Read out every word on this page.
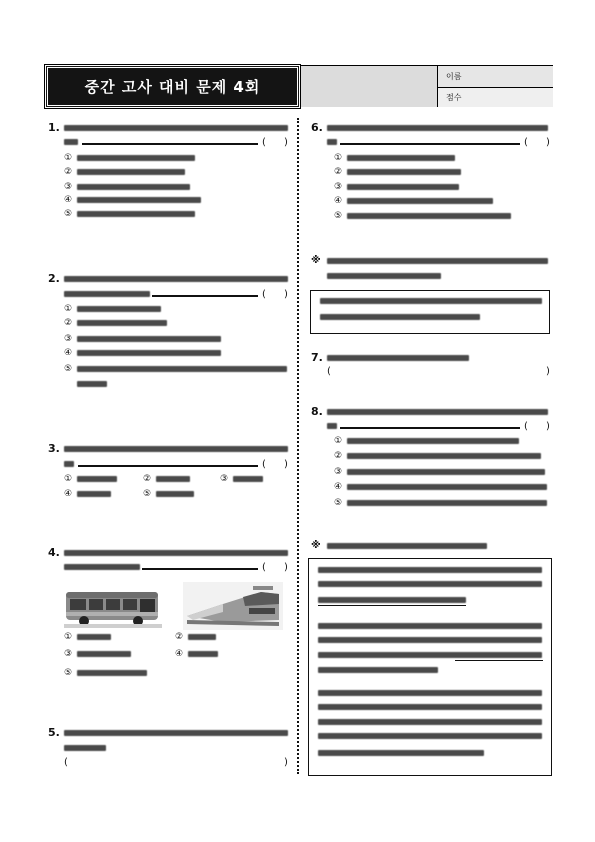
중간 고사 대비 문제 4회
이름
점수
1.
( )
①
②
③
④
⑤
2.
( )
①
②
③
④
⑤
3.
( )
①	②	③
④	⑤
4.
( )
①	②
③	④
⑤
5.
(	)
6.
( )
①
②
③
④
⑤
※
7.
(	)
8.
( )
①
②
③
④
⑤
※
